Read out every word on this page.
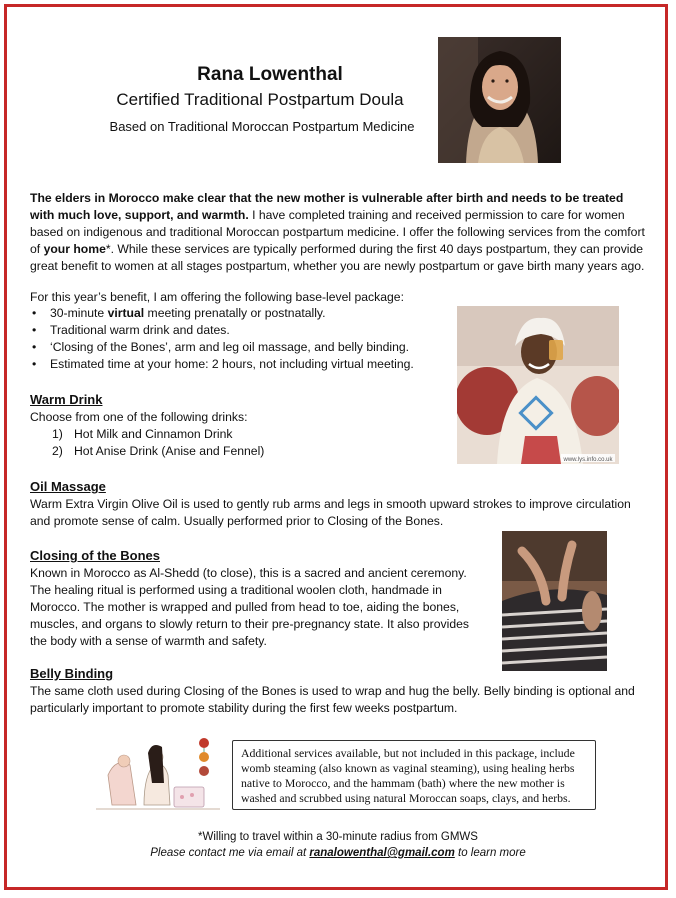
Rana Lowenthal
Certified Traditional Postpartum Doula
Based on Traditional Moroccan Postpartum Medicine
The elders in Morocco make clear that the new mother is vulnerable after birth and needs to be treated with much love, support, and warmth. I have completed training and received permission to care for women based on indigenous and traditional Moroccan postpartum medicine. I offer the following services from the comfort of your home*. While these services are typically performed during the first 40 days postpartum, they can provide great benefit to women at all stages postpartum, whether you are newly postpartum or gave birth many years ago.
For this year’s benefit, I am offering the following base-level package:
• 30-minute virtual meeting prenatally or postnatally.
• Traditional warm drink and dates.
• ‘Closing of the Bones’, arm and leg oil massage, and belly binding.
• Estimated time at your home: 2 hours, not including virtual meeting.
www.lys.info.co.uk
Warm Drink
Choose from one of the following drinks:
1) Hot Milk and Cinnamon Drink
2) Hot Anise Drink (Anise and Fennel)
Oil Massage
Warm Extra Virgin Olive Oil is used to gently rub arms and legs in smooth upward strokes to improve circulation and promote sense of calm. Usually performed prior to Closing of the Bones.
Closing of the Bones
Known in Morocco as Al-Shedd (to close), this is a sacred and ancient ceremony. The healing ritual is performed using a traditional woolen cloth, handmade in Morocco. The mother is wrapped and pulled from head to toe, aiding the bones, muscles, and organs to slowly return to their pre-pregnancy state. It also provides the body with a sense of warmth and safety.
Belly Binding
The same cloth used during Closing of the Bones is used to wrap and hug the belly. Belly binding is optional and particularly important to promote stability during the first few weeks postpartum.
Additional services available, but not included in this package, include womb steaming (also known as vaginal steaming), using healing herbs native to Morocco, and the hammam (bath) where the new mother is washed and scrubbed using natural Moroccan soaps, clays, and herbs.
*Willing to travel within a 30-minute radius from GMWS
Please contact me via email at ranalowenthal@gmail.com to learn more
